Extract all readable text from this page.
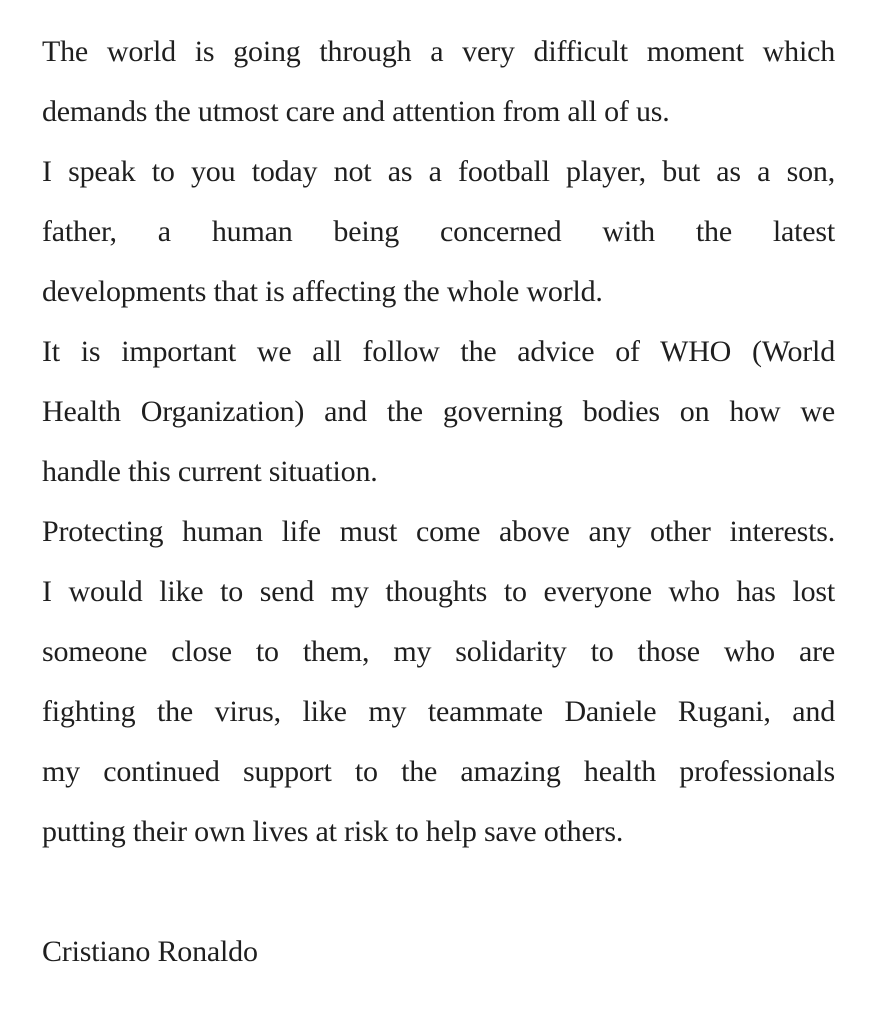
The world is going through a very difficult moment which
demands the utmost care and attention from all of us.
I speak to you today not as a football player, but as a son,
father, a human being concerned with the latest
developments that is affecting the whole world.
It is important we all follow the advice of WHO (World
Health Organization) and the governing bodies on how we
handle this current situation.
Protecting human life must come above any other interests.
I would like to send my thoughts to everyone who has lost
someone close to them, my solidarity to those who are
fighting the virus, like my teammate Daniele Rugani, and
my continued support to the amazing health professionals
putting their own lives at risk to help save others.
Cristiano Ronaldo
